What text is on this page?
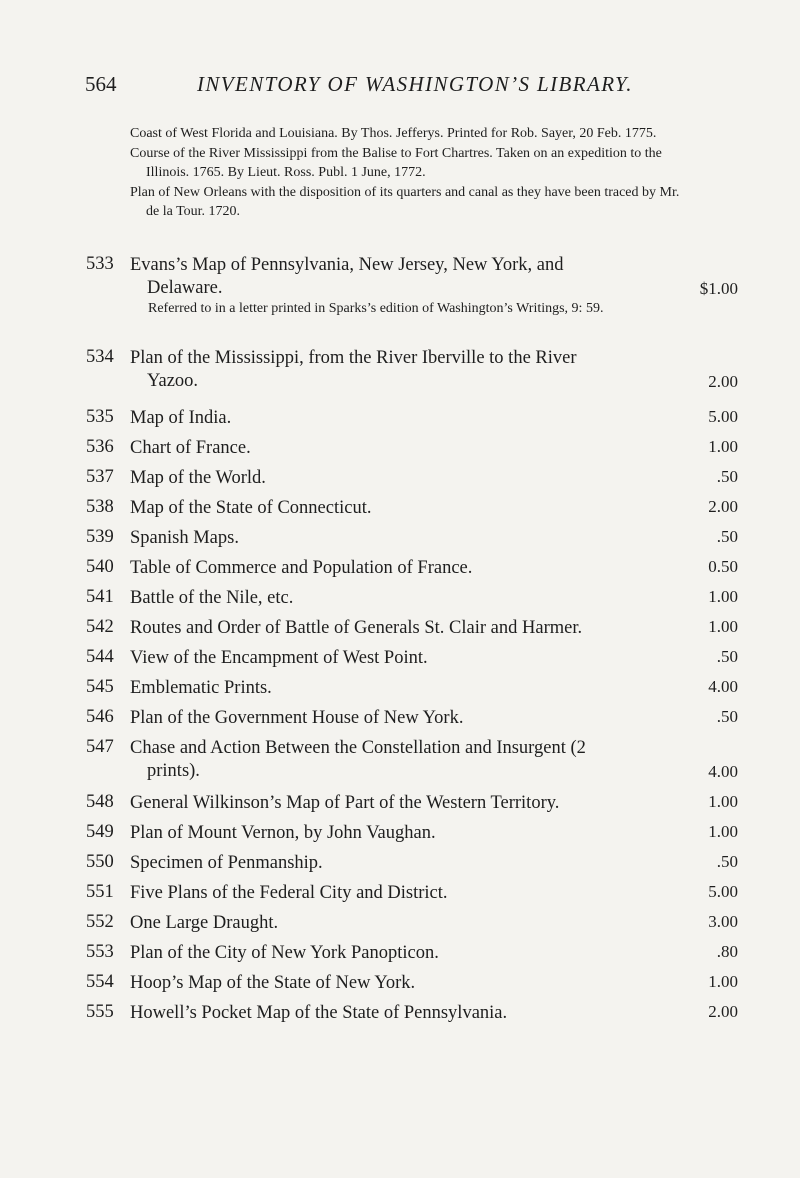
564	INVENTORY OF WASHINGTON’S LIBRARY.

Coast of West Florida and Louisiana. By Thos. Jefferys. Printed for Rob. Sayer, 20 Feb. 1775.

Course of the River Mississippi from the Balise to Fort Chartres. Taken on an expedition to the Illinois. 1765. By Lieut. Ross. Publ. 1 June, 1772.

Plan of New Orleans with the disposition of its quarters and canal as they have been traced by Mr. de la Tour. 1720.

533 Evans’s Map of Pennsylvania, New Jersey, New York, and
Delaware.	$1.00
Referred to in a letter printed in Sparks’s edition of Washington’s Writings, 9: 59.
534 Plan of the Mississippi, from the River Iberville to the River
Yazoo.	2.00
535 Map of India.	5.00
536 Chart of France.	1.00
537 Map of the World.	.50
538 Map of the State of Connecticut.	2.00
539 Spanish Maps.	.50
540 Table of Commerce and Population of France.	0.50
541 Battle of the Nile, etc.	1.00
542 Routes and Order of Battle of Generals St. Clair and Harmer.	1.00
544 View of the Encampment of West Point.	.50
545 Emblematic Prints.	4.00
546 Plan of the Government House of New York.	.50
547 Chase and Action Between the Constellation and Insurgent (2
prints).	4.00
548 General Wilkinson’s Map of Part of the Western Territory.	1.00
549 Plan of Mount Vernon, by John Vaughan.	1.00
550 Specimen of Penmanship.	.50
551 Five Plans of the Federal City and District.	5.00
552 One Large Draught.	3.00
553 Plan of the City of New York Panopticon.	.80
554 Hoop’s Map of the State of New York.	1.00
555 Howell’s Pocket Map of the State of Pennsylvania.	2.00
